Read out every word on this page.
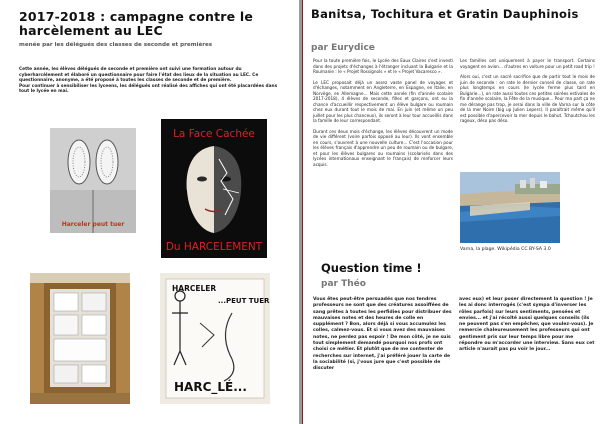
2017-2018 : campagne contre le harcèlement au LEC
menée par les délégués des classes de seconde et premières

Cette année, les élèves délégués de seconde et première ont suivi une formation autour du cyberharcèlement et élaboré un questionnaire pour faire l'état des lieux de la situation au LEC. Ce questionnaire, anonyme, a été proposé à toutes les classes de seconde et de première.

Pour continuer à sensibiliser les lyceens, les délégués ont réalisé des affiches qui ont été placardées dans tout le lycée en mai.

Harceler peut tuer
La Face Cachée
Du HARCELEMENT
HARCELER
...PEUT TUER
HARC_LÉ...
Banitsa, Tochitura et Gratin Dauphinois
par Eurydice

Pour la toute première fois, le Lycée des Eaux Claires s'est investi dans des projets d'échanges à l'étranger incluant la Bulgarie et la Roumanie : le « Projet Rossignols » et le « Projet Vacaresco ».

Le LEC proposait déjà un assez vaste panel de voyages et d'échanges, notamment en Angleterre, en Espagne, en Italie, en Norvège, en Allemagne... Mais cette année (fin d'année scolaire 2017-2018), 4 élèves de seconde, filles et garçons, ont eu la chance d'accueillir respectivement un élève bulgare ou roumain chez eux durant tout le mois de mai. En juin (et même un peu juillet pour les plus chanceux), ils seront à leur tour accueillis dans la famille de leur correspondant.

Durant ces deux mois d'échange, les élèves découvrent un mode de vie différent (voire parfois opposé au leur). Ils vont ensemble en cours, s'ouvrent à une nouvelle culture... C'est l'occasion pour les élèves français d'apprendre un peu de roumain ou de bulgare, et pour les élèves bulgares ou roumains (scolarisés dans des lycées internationaux enseignant le français) de renforcer leurs acquis.

Les familles ont uniquement à payer le transport. Certains voyagent en avion... d'autres en voiture pour un petit road trip !

Alors oui, c'est un sacré sacrifice que de partir tout le mois de juin de seconde : on rate le dernier conseil de classe, on rate plus longtemps en cours (le lycée ferme plus tard en Bulgarie...), on rate aussi toutes ces petites soirées estivales de fin d'année scolaire, la Fête de la musique... Pour ma part ça ne me dérange pas trop, je serai dans la ville de Varna sur la côte de la mer Noire (big up Julien Lepers). Il paraîtrait même qu'il est possible d'apercevoir la mer depuis le bahut. Tchoutchou les rageux, déso pas déso.

Varna, la plage. Wikipédia CC BY-SA 3.0
Question time !
par Théo
Vous êtes peut-être persuadés que nos tendres professeurs ne sont que des créatures assoiffées de sang prêtes à toutes les perfidies pour distribuer des mauvaises notes et des heures de colle en supplément ? Bon, alors déjà si vous accumulez les colles, calmez-vous. Et si vous avez des mauvaises notes, ne perdez pas espoir ! De mon côté, je ne suis tout simplement demandé pourquoi nos profs ont choisi ce métier. Et plutôt que de me contenter de recherches sur internet, j'ai préféré jouer la carte de la sociabilité (si, j'vous jure que c'est possible de discuter
avec eux) et leur poser directement la question ! Je les ai donc interrogés (c'est sympa d'inverser les rôles parfois) sur leurs sentiments, pensées et envies... et j'ai récolté aussi quelques conseils (ils ne peuvent pas s'en empêcher, que voulez-vous). Je remercie chaleureusement les professeurs qui ont gentiment pris sur leur temps libre pour me répondre ou m'accorder une interview. Sans eux cet article n'aurait pas pu voir le jour...
